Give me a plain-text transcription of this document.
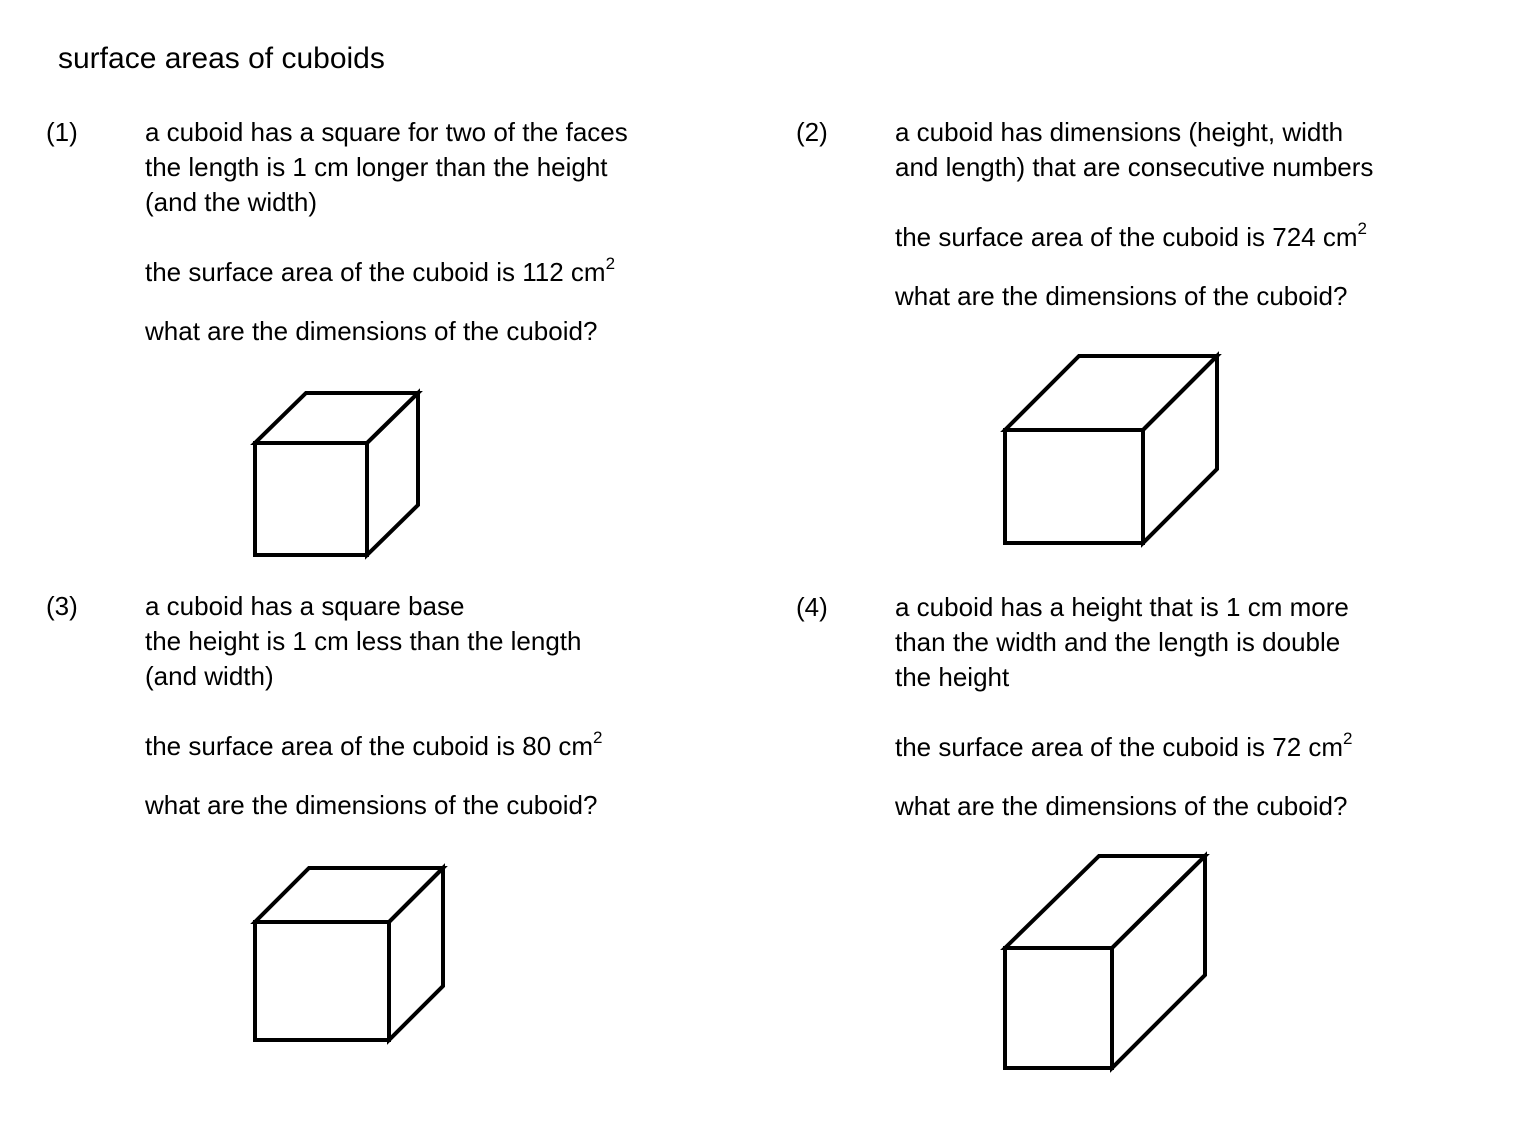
surface areas of cuboids
(1)	a cuboid has a square for two of the faces
the length is 1 cm longer than the height
(and the width)
the surface area of the cuboid is 112 $cm^2$
what are the dimensions of the cuboid?
(2)	a cuboid has dimensions (height, width
and length) that are consecutive numbers
the surface area of the cuboid is 724 $cm^2$
what are the dimensions of the cuboid?
(3)	a cuboid has a square base
the height is 1 cm less than the length
(and width)
the surface area of the cuboid is 80 $cm^2$
what are the dimensions of the cuboid?
(4)	a cuboid has a height that is 1 cm more
than the width and the length is double
the height
the surface area of the cuboid is 72 $cm^2$
what are the dimensions of the cuboid?
